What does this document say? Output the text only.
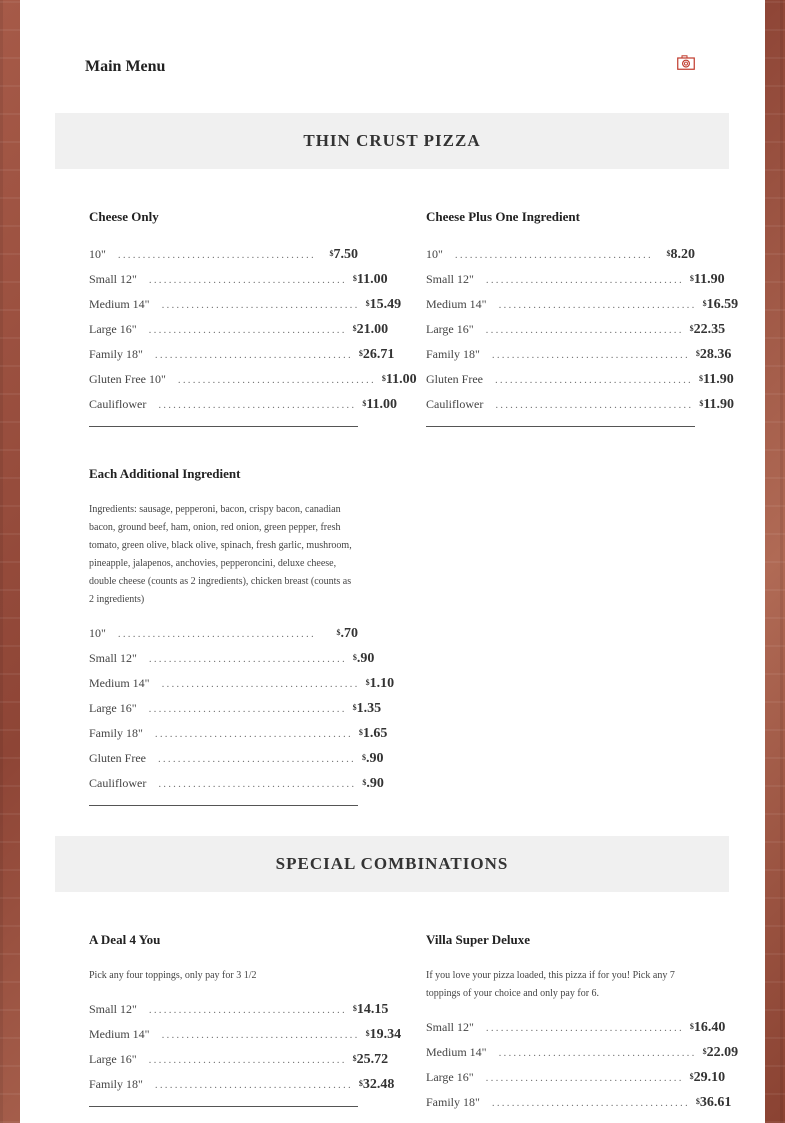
Main Menu
THIN CRUST PIZZA
Cheese Only
10" ........................................	$7.50
Small 12" ........................................ $11.00
Medium 14" ........................................ $15.49
Large 16" ........................................ $21.00
Family 18" ........................................ $26.71
Gluten Free 10" ........................................ $11.00
Cauliflower ........................................ $11.00
Cheese Plus One Ingredient
10" ........................................	$8.20
Small 12" ........................................ $11.90
Medium 14" ........................................ $16.59
Large 16" ........................................ $22.35
Family 18" ........................................ $28.36
Gluten Free ........................................ $11.90
Cauliflower ........................................ $11.90
Each Additional Ingredient
Ingredients: sausage, pepperoni, bacon, crispy bacon, canadian bacon, ground beef, ham, onion, red onion, green pepper, fresh tomato, green olive, black olive, spinach, fresh garlic, mushroom, pineapple, jalapenos, anchovies, pepperoncini, deluxe cheese, double cheese (counts as 2 ingredients), chicken breast (counts as 2 ingredients)
10" ........................................	$.70
Small 12" ........................................ $.90
Medium 14" ........................................ $1.10
Large 16" ........................................ $1.35
Family 18" ........................................ $1.65
Gluten Free ........................................ $.90
Cauliflower ........................................ $.90
SPECIAL COMBINATIONS
A Deal 4 You
Pick any four toppings, only pay for 3 1/2
Small 12" ........................................ $14.15
Medium 14" ........................................ $19.34
Large 16" ........................................ $25.72
Family 18" ........................................ $32.48
Villa Super Deluxe
If you love your pizza loaded, this pizza if for you! Pick any 7 toppings of your choice and only pay for 6.
Small 12" ........................................ $16.40
Medium 14" ........................................ $22.09
Large 16" ........................................ $29.10
Family 18" ........................................ $36.61
